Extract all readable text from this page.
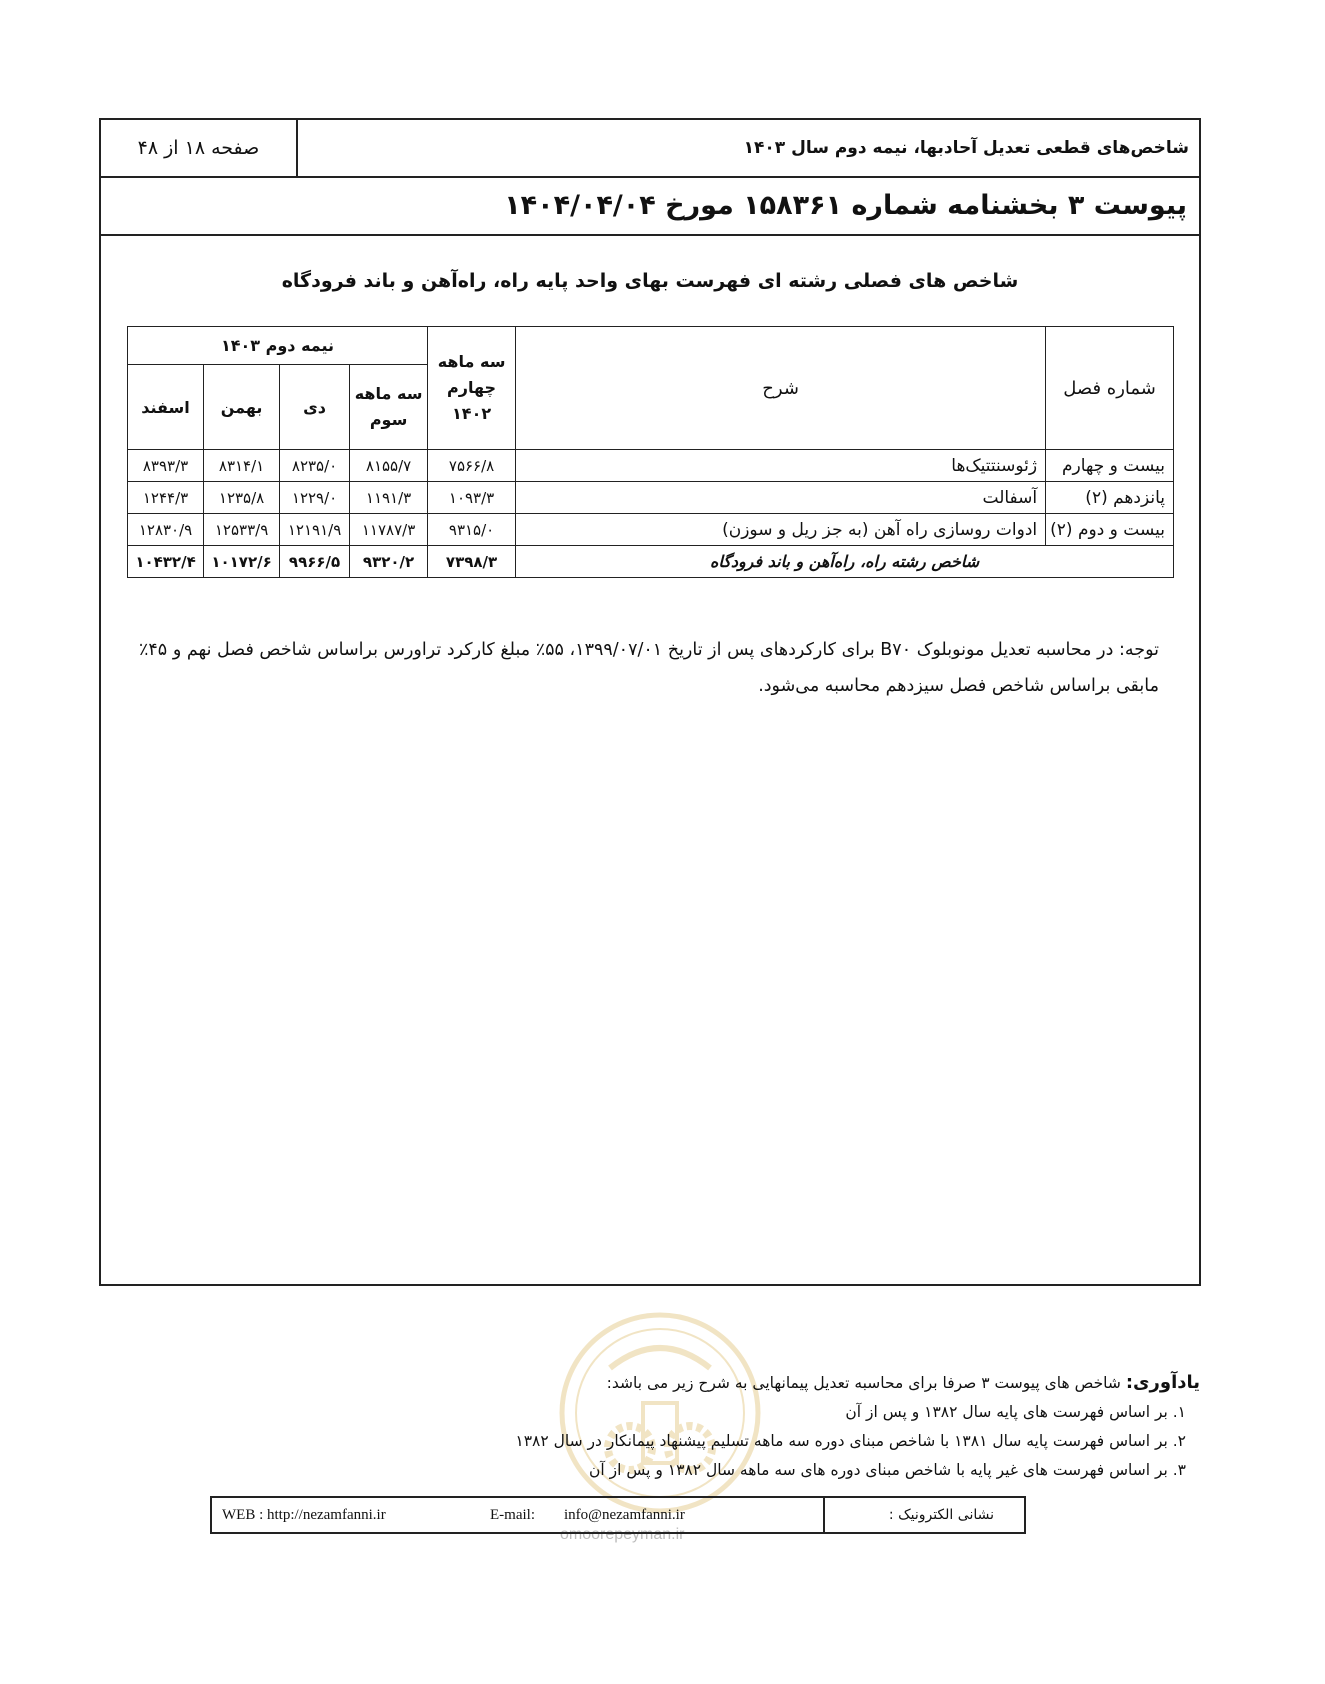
شاخص‌های قطعی تعدیل آحادبها، نیمه دوم سال ۱۴۰۳
صفحه ۱۸ از ۴۸
پیوست ۳ بخشنامه شماره ۱۵۸۳۶۱ مورخ ۱۴۰۴/۰۴/۰۴
شاخص های فصلی رشته ای فهرست بهای واحد پایه راه، راه‌آهن و باند فرودگاه
شماره فصل	شرح	سه ماهه چهارم ۱۴۰۲	نیمه دوم ۱۴۰۳			
			سه ماهه سوم	دی	بهمن	اسفند
بیست و چهارم	ژئوسنتتیک‌ها	۷۵۶۶/۸	۸۱۵۵/۷	۸۲۳۵/۰	۸۳۱۴/۱	۸۳۹۳/۳
پانزدهم (۲)	آسفالت	۱۰۹۳/۳	۱۱۹۱/۳	۱۲۲۹/۰	۱۲۳۵/۸	۱۲۴۴/۳
بیست و دوم (۲)	ادوات روسازی راه آهن (به جز ریل و سوزن)	۹۳۱۵/۰	۱۱۷۸۷/۳	۱۲۱۹۱/۹	۱۲۵۳۳/۹	۱۲۸۳۰/۹
شاخص رشته راه، راه‌آهن و باند فرودگاه		۷۳۹۸/۳	۹۳۲۰/۲	۹۹۶۶/۵	۱۰۱۷۲/۶	۱۰۴۳۲/۴
توجه: در محاسبه تعدیل مونوبلوک B۷۰ برای کارکردهای پس از تاریخ ۱۳۹۹/۰۷/۰۱، ۵۵٪ مبلغ کارکرد تراورس براساس شاخص فصل نهم و ۴۵٪ مابقی براساس شاخص فصل سیزدهم محاسبه می‌شود.
omoorepeyman.ir
یادآوری: شاخص های پیوست ۳ صرفا برای محاسبه تعدیل پیمانهایی به شرح زیر می باشد:
۱. بر اساس فهرست های پایه سال ۱۳۸۲ و پس از آن
۲. بر اساس فهرست پایه سال ۱۳۸۱ با شاخص مبنای دوره سه ماهه تسلیم پیشنهاد پیمانکار در سال ۱۳۸۲
۳. بر اساس فهرست های غیر پایه با شاخص مبنای دوره های سه ماهه سال ۱۳۸۲ و پس از آن
WEB : http://nezamfanni.ir	E-mail: info@nezamfanni.ir	نشانی الکترونیک :
